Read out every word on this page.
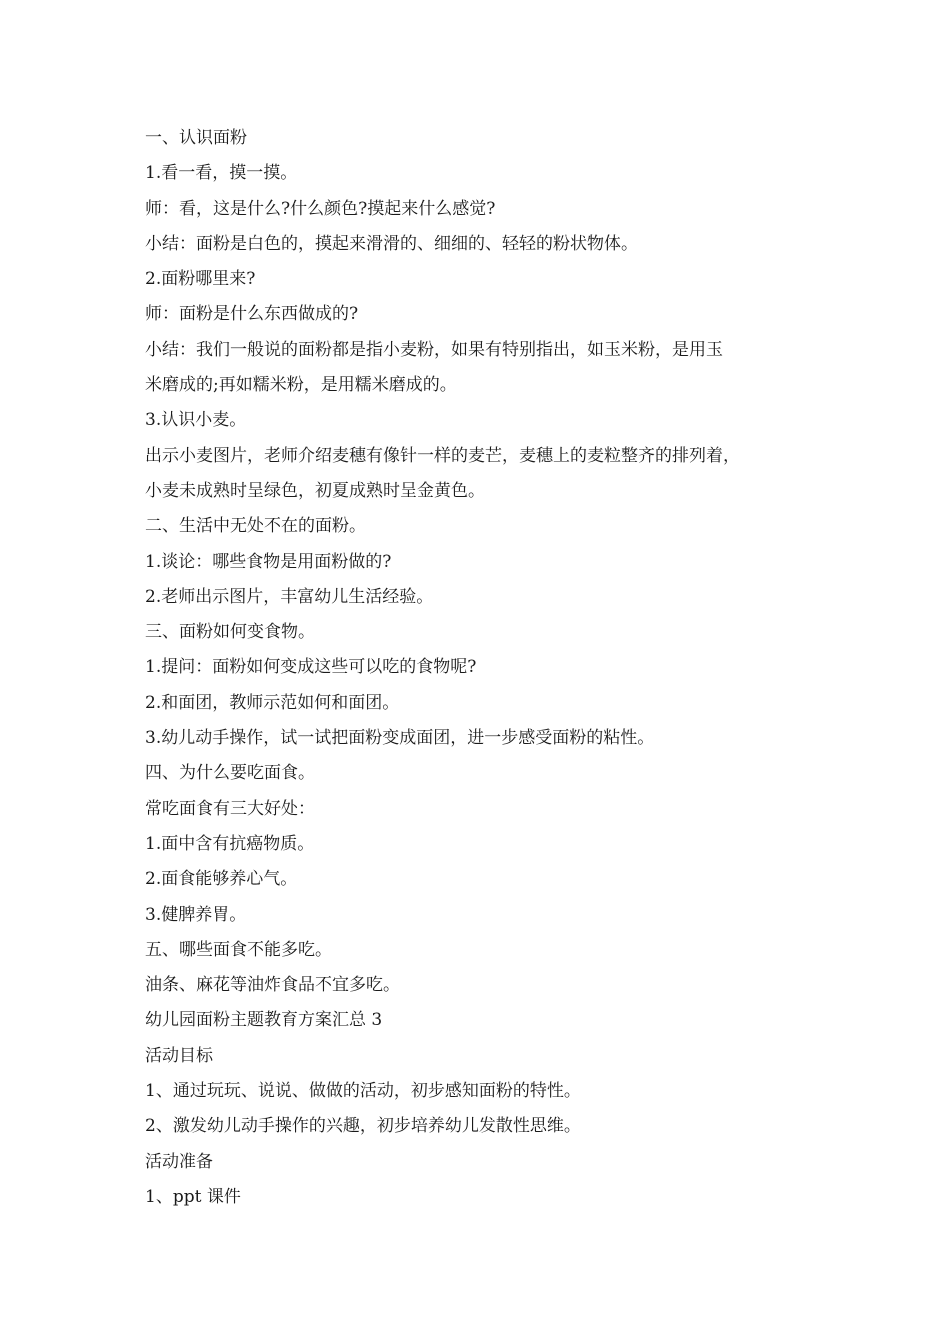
一、认识面粉

1.看一看，摸一摸。

师：看，这是什么?什么颜色?摸起来什么感觉?

小结：面粉是白色的，摸起来滑滑的、细细的、轻轻的粉状物体。

2.面粉哪里来?

师：面粉是什么东西做成的?

小结：我们一般说的面粉都是指小麦粉，如果有特别指出，如玉米粉，是用玉

米磨成的;再如糯米粉，是用糯米磨成的。

3.认识小麦。

出示小麦图片，老师介绍麦穗有像针一样的麦芒，麦穗上的麦粒整齐的排列着，

小麦未成熟时呈绿色，初夏成熟时呈金黄色。

二、生活中无处不在的面粉。

1.谈论：哪些食物是用面粉做的?

2.老师出示图片，丰富幼儿生活经验。

三、面粉如何变食物。

1.提问：面粉如何变成这些可以吃的食物呢?

2.和面团，教师示范如何和面团。

3.幼儿动手操作，试一试把面粉变成面团，进一步感受面粉的粘性。

四、为什么要吃面食。

常吃面食有三大好处：

1.面中含有抗癌物质。

2.面食能够养心气。

3.健脾养胃。

五、哪些面食不能多吃。

油条、麻花等油炸食品不宜多吃。

幼儿园面粉主题教育方案汇总 3

活动目标

1、通过玩玩、说说、做做的活动，初步感知面粉的特性。

2、激发幼儿动手操作的兴趣，初步培养幼儿发散性思维。

活动准备

1、ppt 课件
